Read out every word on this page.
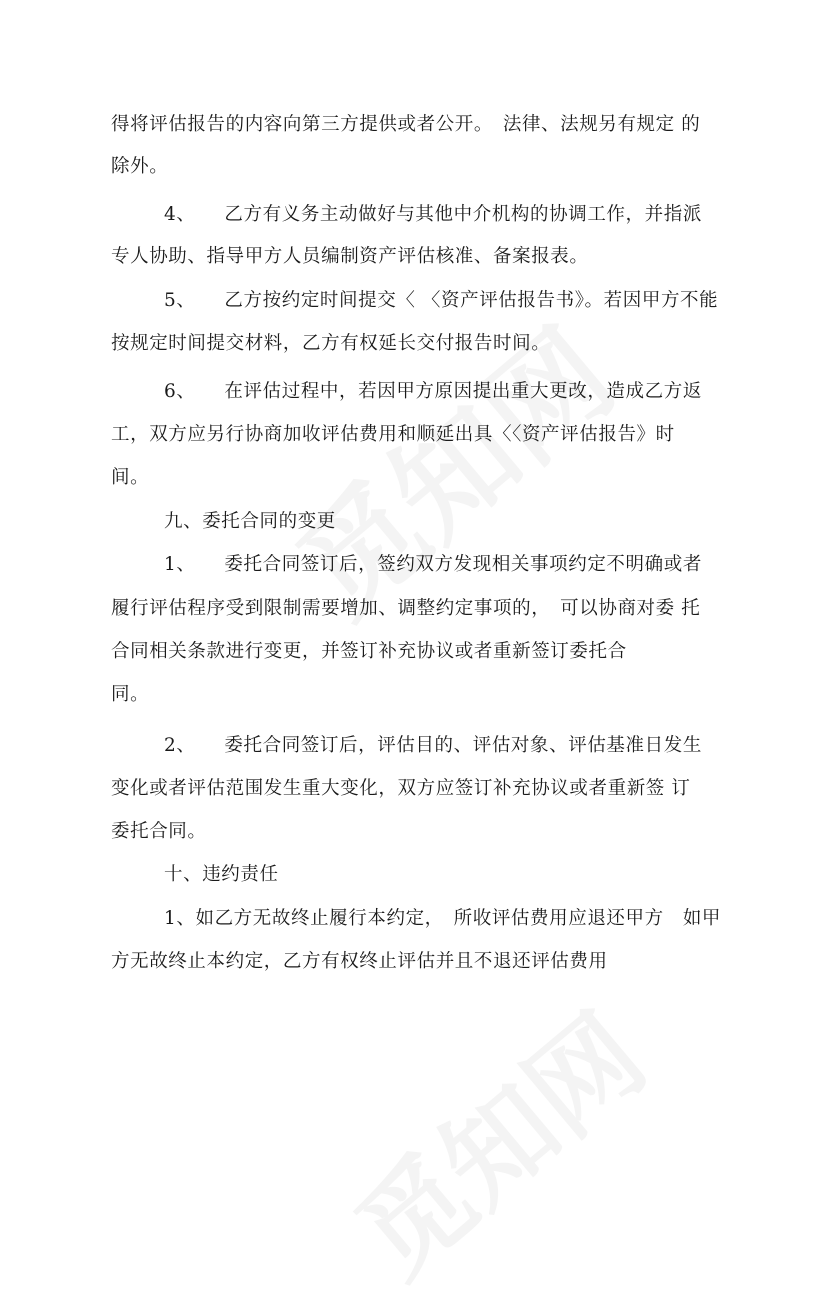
得将评估报告的内容向第三方提供或者公开。　法律、法规另有规定 的
除外。
4、　　乙方有义务主动做好与其他中介机构的协调工作，并指派
专人协助、指导甲方人员编制资产评估核准、备案报表。
5、　　乙方按约定时间提交〈 〈资产评估报告书》。若因甲方不能
按规定时间提交材料，乙方有权延长交付报告时间。
6、　　在评估过程中，若因甲方原因提出重大更改，造成乙方返
工，双方应另行协商加收评估费用和顺延出具〈〈资产评估报告》时
间。
九、委托合同的变更
1、　　委托合同签订后，签约双方发现相关事项约定不明确或者
履行评估程序受到限制需要增加、调整约定事项的，　可以协商对委 托
合同相关条款进行变更，并签订补充协议或者重新签订委托合
同。
2、　　委托合同签订后，评估目的、评估对象、评估基准日发生
变化或者评估范围发生重大变化，双方应签订补充协议或者重新签 订
委托合同。
十、违约责任
1、如乙方无故终止履行本约定，　所收评估费用应退还甲方　如甲
方无故终止本约定，乙方有权终止评估并且不退还评估费用
